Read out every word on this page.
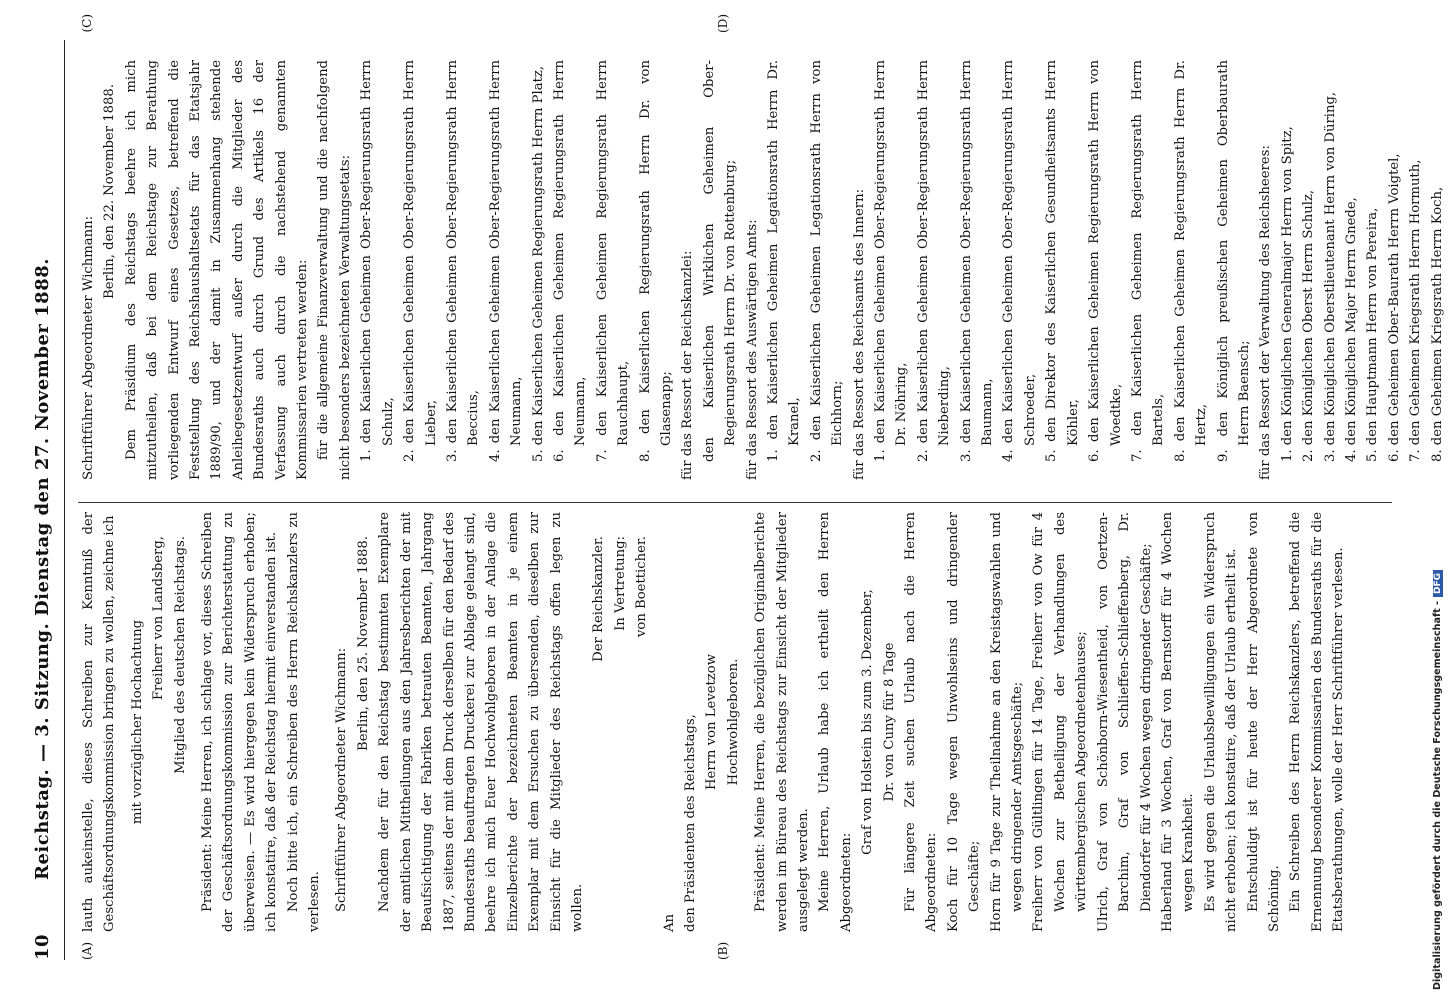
10
Reichstag. — 3. Sitzung. Dienstag den 27. November 1888.
(A)	(B)
(C)	(D)

lauth aukeinstelle, dieses Schreiben zur Kenntniß der Geschäftsordnungskommission bringen zu wollen, zeichne ich mit vorzüglicher Hochachtung

Freiherr von Landsberg, Mitglied des deutschen Reichstags. Präsident: Meine Herren, ich schlage vor, dieses Schreiben der Geschäftsordnungskommission zur Berichterstattung zu überweisen. — Es wird hiergegen kein Widerspruch erhoben; ich konstatire, daß der Reichstag hiermit einverstanden ist. Noch bitte ich, ein Schreiben des Herrn Reichskanzlers zu verlesen. Schriftführer Abgeordneter Wichmann:

Berlin, den 25. November 1888. Nachdem der für den Reichstag bestimmten Exemplare der amtlichen Mittheilungen aus den Jahresberichten der mit Beaufsichtigung der Fabriken betrauten Beamten, Jahrgang 1887, seitens der mit dem Druck derselben für den Bedarf des Bundesraths beauftragten Druckerei zur Ablage gelangt sind, beehre ich mich Euer Hochwohlgeboren in der Anlage die Einzelberichte der bezeichneten Beamten in je einem Exemplar mit dem Ersuchen zu übersenden, dieselben zur Einsicht für die Mitglieder des Reichstags offen legen zu wollen.

Der Reichskanzler. In Vertretung: von Boetticher.

An den Präsidenten des Reichstags, Herrn von Levetzow Hochwohlgeboren. Präsident: Meine Herren, die bezüglichen Originalberichte werden im Büreau des Reichstags zur Einsicht der Mitglieder ausgelegt werden. Meine Herren, Urlaub habe ich ertheilt den Herren Abgeordneten:

Graf von Holstein bis zum 3. Dezember, Dr. von Cuny für 8 Tage Für längere Zeit suchen Urlaub nach die Herren Abgeordneten: Koch für 10 Tage wegen Unwohlseins und dringender Geschäfte; Horn für 9 Tage zur Theilnahme an den Kreistagswahlen und wegen dringender Amtsgeschäfte; Freiherr von Gültlingen für 14 Tage, Freiherr von Ow für 4 Wochen zur Betheiligung der Verhandlungen des württembergischen Abgeordnetenhauses; Ulrich, Graf von Schönborn-Wiesentheid, von Oertzen-Barchim, Graf von Schlieffen-Schlieffenberg, Dr. Diendorfer für 4 Wochen wegen dringender Geschäfte; Haberland für 3 Wochen, Graf von Bernstorff für 4 Wochen wegen Krankheit. Es wird gegen die Urlaubsbewilligungen ein Widerspruch nicht erhoben; ich konstatire, daß der Urlaub ertheilt ist. Entschuldigt ist für heute der Herr Abgeordnete von Schöning. Ein Schreiben des Herrn Reichskanzlers, betreffend die Ernennung besonderer Kommissarien des Bundesraths für die Etatsberathungen, wolle der Herr Schriftführer verlesen.

Schriftführer Abgeordneter Wichmann:

Berlin, den 22. November 1888. Dem Präsidium des Reichstags beehre ich mich mitzutheilen, daß bei dem Reichstage zur Berathung vorliegenden Entwurf eines Gesetzes, betreffend die Feststellung des Reichshaushaltsetats für das Etatsjahr 1889/90, und der damit in Zusammenhang stehende Anleihegesetzentwurf außer durch die Mitglieder des Bundesraths auch durch Grund des Artikels 16 der Verfassung auch durch die nachstehend genannten Kommissarien vertreten werden: für die allgemeine Finanzverwaltung und die nachfolgend nicht besonders bezeichneten Verwaltungsetats: 1. den Kaiserlichen Geheimen Ober-Regierungsrath Herrn Schulz, 2. den Kaiserlichen Geheimen Ober-Regierungsrath Herrn Lieber, 3. den Kaiserlichen Geheimen Ober-Regierungsrath Herrn Beccius, 4. den Kaiserlichen Geheimen Ober-Regierungsrath Herrn Neumann, 5. den Kaiserlichen Geheimen Regierungsrath Herrn Platz, 6. den Kaiserlichen Geheimen Regierungsrath Herrn Neumann, 7. den Kaiserlichen Geheimen Regierungsrath Herrn Rauchhaupt, 8. den Kaiserlichen Regierungsrath Herrn Dr. von Glasenapp; für das Ressort der Reichskanzlei: den Kaiserlichen Wirklichen Geheimen Ober-Regierungsrath Herrn Dr. von Rottenburg; für das Ressort des Auswärtigen Amts: 1. den Kaiserlichen Geheimen Legationsrath Herrn Dr. Kranel, 2. den Kaiserlichen Geheimen Legationsrath Herrn von Eichhorn; für das Ressort des Reichsamts des Innern: 1. den Kaiserlichen Geheimen Ober-Regierungsrath Herrn Dr. Nöhring, 2. den Kaiserlichen Geheimen Ober-Regierungsrath Herrn Nieberding, 3. den Kaiserlichen Geheimen Ober-Regierungsrath Herrn Baumann, 4. den Kaiserlichen Geheimen Ober-Regierungsrath Herrn Schroeder, 5. den Direktor des Kaiserlichen Gesundheitsamts Herrn Köhler, 6. den Kaiserlichen Geheimen Regierungsrath Herrn von Woedtke, 7. den Kaiserlichen Geheimen Regierungsrath Herrn Bartels, 8. den Kaiserlichen Geheimen Regierungsrath Herrn Dr. Hertz, 9. den Königlich preußischen Geheimen Oberbaurath Herrn Baensch; für das Ressort der Verwaltung des Reichsheeres: 1. den Königlichen Generalmajor Herrn von Spitz, 2. den Königlichen Oberst Herrn Schulz, 3. den Königlichen Oberstlieutenant Herrn von Düring, 4. den Königlichen Major Herrn Gnede, 5. den Hauptmann Herrn von Pereira, 6. den Geheimen Ober-Baurath Herrn Voigtel, 7. den Geheimen Kriegsrath Herrn Hormuth, 8. den Geheimen Kriegsrath Herrn Koch,

Digitalisierung gefördert durch die Deutsche Forschungsgemeinschaft -DFG
